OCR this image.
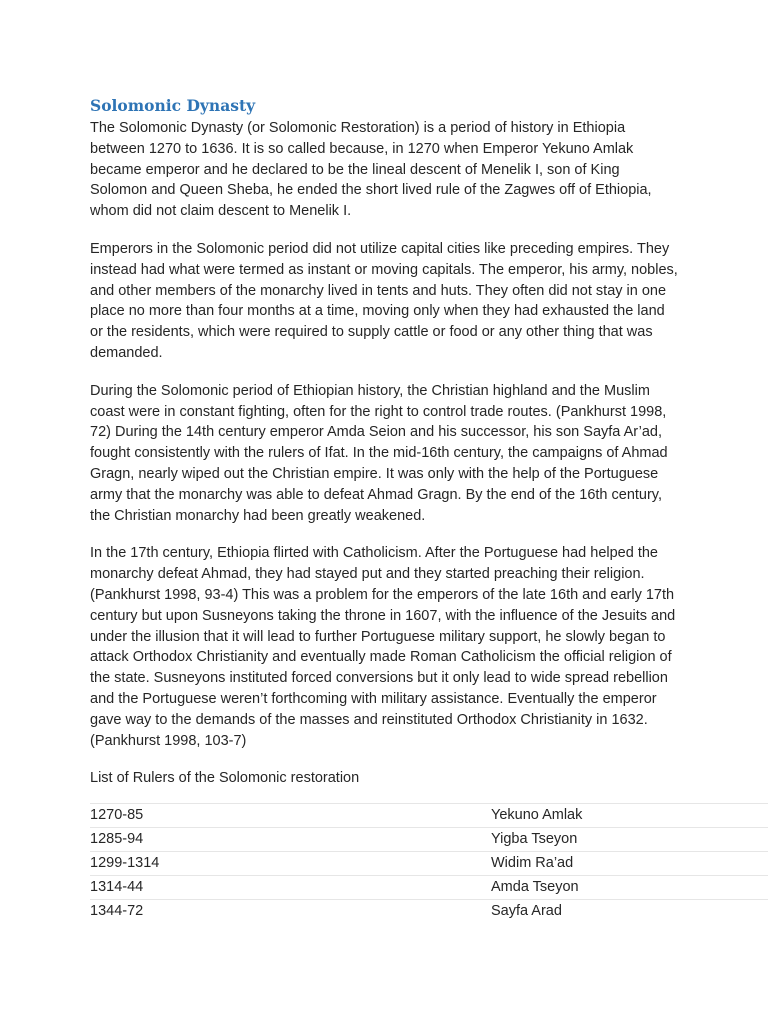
Solomonic Dynasty

The Solomonic Dynasty (or Solomonic Restoration) is a period of history in Ethiopia between 1270 to 1636. It is so called because, in 1270 when Emperor Yekuno Amlak became emperor and he declared to be the lineal descent of Menelik I, son of King Solomon and Queen Sheba, he ended the short lived rule of the Zagwes off of Ethiopia, whom did not claim descent to Menelik I.

Emperors in the Solomonic period did not utilize capital cities like preceding empires. They instead had what were termed as instant or moving capitals. The emperor, his army, nobles, and other members of the monarchy lived in tents and huts. They often did not stay in one place no more than four months at a time, moving only when they had exhausted the land or the residents, which were required to supply cattle or food or any other thing that was demanded.

During the Solomonic period of Ethiopian history, the Christian highland and the Muslim coast were in constant fighting, often for the right to control trade routes. (Pankhurst 1998, 72) During the 14th century emperor Amda Seion and his successor, his son Sayfa Ar’ad, fought consistently with the rulers of Ifat. In the mid-16th century, the campaigns of Ahmad Gragn, nearly wiped out the Christian empire. It was only with the help of the Portuguese army that the monarchy was able to defeat Ahmad Gragn. By the end of the 16th century, the Christian monarchy had been greatly weakened.

In the 17th century, Ethiopia flirted with Catholicism. After the Portuguese had helped the monarchy defeat Ahmad, they had stayed put and they started preaching their religion. (Pankhurst 1998, 93-4) This was a problem for the emperors of the late 16th and early 17th century but upon Susneyons taking the throne in 1607, with the influence of the Jesuits and under the illusion that it will lead to further Portuguese military support, he slowly began to attack Orthodox Christianity and eventually made Roman Catholicism the official religion of the state. Susneyons instituted forced conversions but it only lead to wide spread rebellion and the Portuguese weren’t forthcoming with military assistance. Eventually the emperor gave way to the demands of the masses and reinstituted Orthodox Christianity in 1632. (Pankhurst 1998, 103-7)

List of Rulers of the Solomonic restoration
1270-85	Yekuno Amlak
1285-94	Yigba Tseyon
1299-1314	Widim Ra’ad
1314-44	Amda Tseyon
1344-72	Sayfa Arad
